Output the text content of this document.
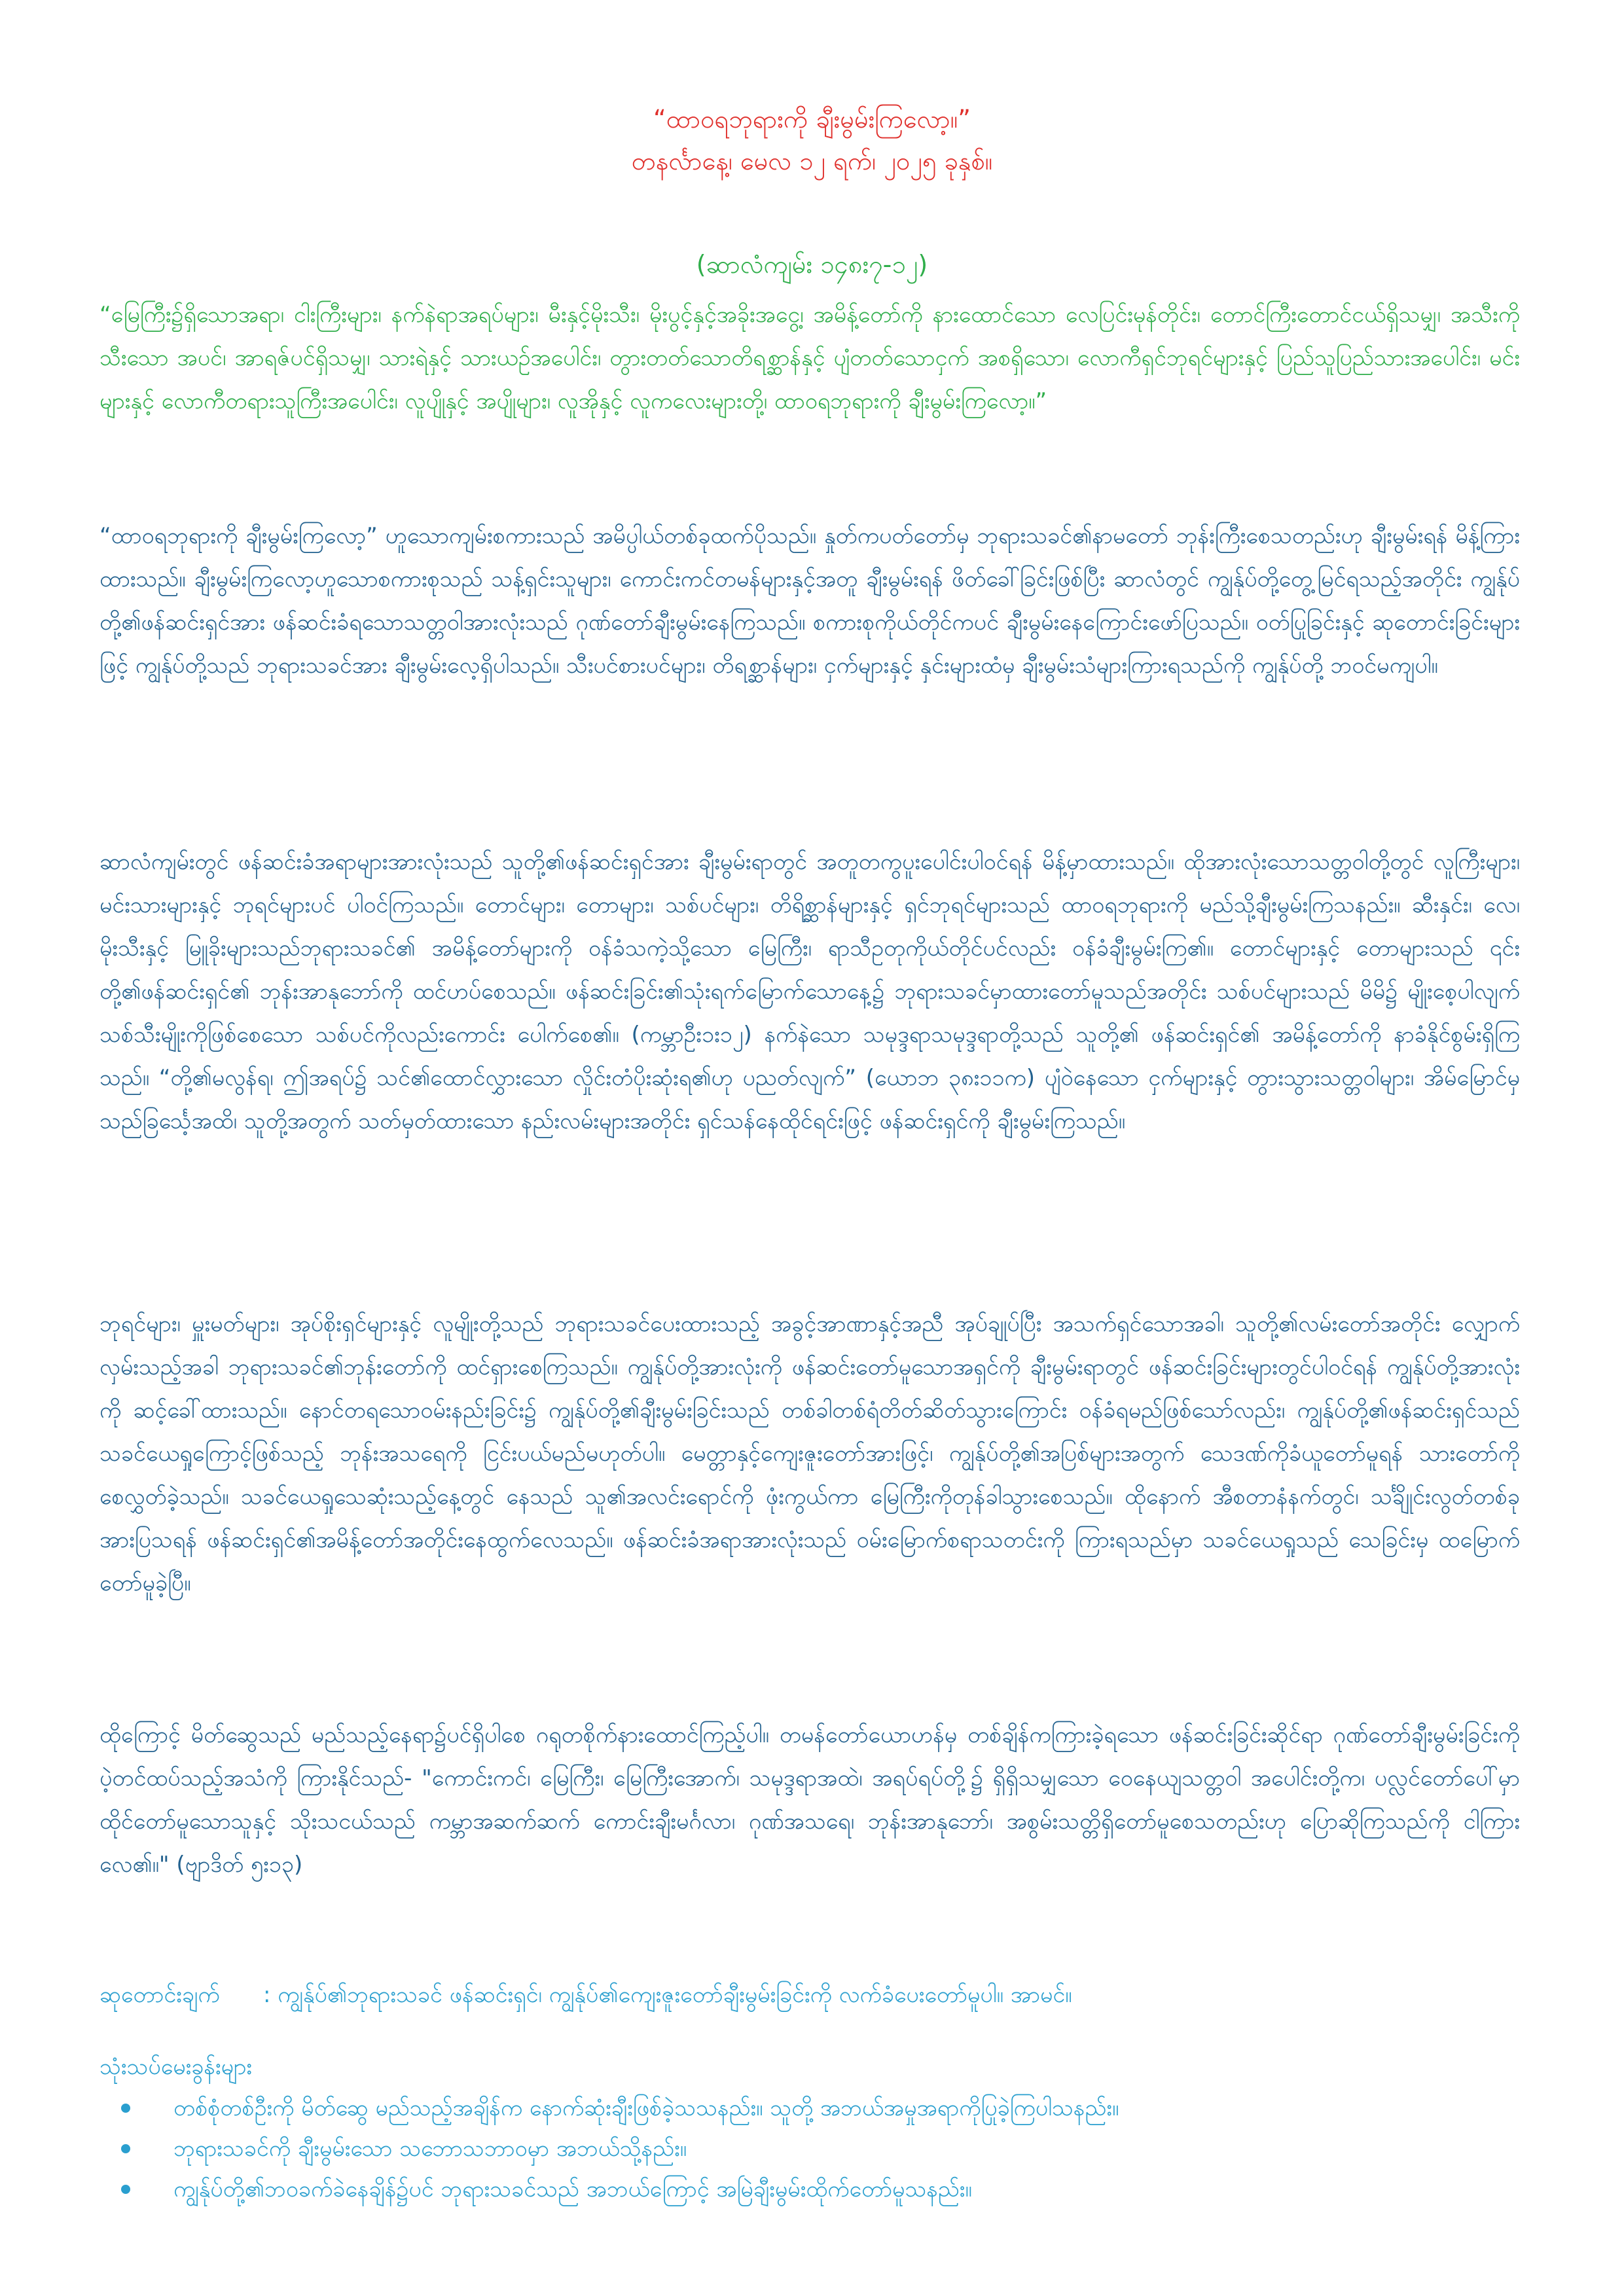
“ထာဝရဘုရားကို ချီးမွမ်းကြလော့။”
တနင်္လာနေ့၊ မေလ ၁၂ ရက်၊ ၂၀၂၅ ခုနှစ်။
(ဆာလံကျမ်း ၁၄၈း၇-၁၂)
“မြေကြီး၌ရှိသောအရာ၊ ငါးကြီးများ၊ နက်နဲရာအရပ်များ၊ မီးနှင့်မိုးသီး၊ မိုးပွင့်နှင့်အခိုးအငွေ့၊ အမိန့်တော်ကို နားထောင်သော လေပြင်းမုန်တိုင်း၊ တောင်ကြီးတောင်ငယ်ရှိသမျှ၊ အသီးကိုသီးသော အပင်၊ အာရဇ်ပင်ရှိသမျှ၊ သားရဲနှင့် သားယဉ်အပေါင်း၊ တွားတတ်သောတိရစ္ဆာန်နှင့် ပျံတတ်သောငှက် အစရှိသော၊ လောကီရှင်ဘုရင်များနှင့် ပြည်သူပြည်သားအပေါင်း၊ မင်းများနှင့် လောကီတရားသူကြီးအပေါင်း၊ လူပျိုနှင့် အပျိုများ၊ လူအိုနှင့် လူကလေးများတို့၊ ထာဝရဘုရားကို ချီးမွမ်းကြလော့။”
“ထာဝရဘုရားကို ချီးမွမ်းကြလော့” ဟူသောကျမ်းစကားသည် အမိပ္ပါယ်တစ်ခုထက်ပိုသည်။ နှုတ်ကပတ်တော်မှ ဘုရားသခင်၏နာမတော် ဘုန်းကြီးစေသတည်းဟု ချီးမွမ်းရန် မိန့်ကြားထားသည်။ ချီးမွမ်းကြလော့ဟူသောစကားစုသည် သန့်ရှင်းသူများ၊ ကောင်းကင်တမန်များနှင့်အတူ ချီးမွမ်းရန် ဖိတ်ခေါ်ခြင်းဖြစ်ပြီး ဆာလံတွင် ကျွန်ုပ်တို့တွေ့မြင်ရသည့်အတိုင်း ကျွန်ုပ်တို့၏ဖန်ဆင်းရှင်အား ဖန်ဆင်းခံရသောသတ္တဝါအားလုံးသည် ဂုဏ်တော်ချီးမွမ်းနေကြသည်။ စကားစုကိုယ်တိုင်ကပင် ချီးမွမ်းနေကြောင်းဖော်ပြသည်။ ဝတ်ပြုခြင်းနှင့် ဆုတောင်းခြင်းများဖြင့် ကျွန်ုပ်တို့သည် ဘုရားသခင်အား ချီးမွမ်းလေ့ရှိပါသည်။ သီးပင်စားပင်များ၊ တိရစ္ဆာန်များ၊ ငှက်များနှင့် နှင်းများထံမှ ချီးမွမ်းသံများကြားရသည်ကို ကျွန်ုပ်တို့ ဘဝင်မကျပါ။
ဆာလံကျမ်းတွင် ဖန်ဆင်းခံအရာများအားလုံးသည် သူတို့၏ဖန်ဆင်းရှင်အား ချီးမွမ်းရာတွင် အတူတကွပူးပေါင်းပါဝင်ရန် မိန့်မှာထားသည်။ ထိုအားလုံးသောသတ္တဝါတို့တွင် လူကြီးများ၊ မင်းသားများနှင့် ဘုရင်များပင် ပါဝင်ကြသည်။ တောင်များ၊ တောများ၊ သစ်ပင်များ၊ တိရိစ္ဆာန်များနှင့် ရှင်ဘုရင်များသည် ထာဝရဘုရားကို မည်သို့ချီးမွမ်းကြသနည်း။ ဆီးနှင်း၊ လေ၊ မိုးသီးနှင့် မြူခိုးများသည်ဘုရားသခင်၏ အမိန့်တော်များကို ဝန်ခံသကဲ့သို့သော မြေကြီး၊ ရာသီဥတုကိုယ်တိုင်ပင်လည်း ဝန်ခံချီးမွမ်းကြ၏။ တောင်များနှင့် တောများသည် ၎င်းတို့၏ဖန်ဆင်းရှင်၏ ဘုန်းအာနုဘော်ကို ထင်ဟပ်စေသည်။ ဖန်ဆင်းခြင်း၏သုံးရက်မြောက်သောနေ့၌ ဘုရားသခင်မှာထားတော်မူသည်အတိုင်း သစ်ပင်များသည် မိမိ၌ မျိုးစေ့ပါလျက် သစ်သီးမျိုးကိုဖြစ်စေသော သစ်ပင်ကိုလည်းကောင်း ပေါက်စေ၏။ (ကမ္ဘာဦး၁း၁၂) နက်နဲသော သမုဒ္ဒရာသမုဒ္ဒရာတို့သည် သူတို့၏ ဖန်ဆင်းရှင်၏ အမိန့်တော်ကို နာခံနိုင်စွမ်းရှိကြသည်။ “တို့၏မလွန်ရ၊ ဤအရပ်၌ သင်၏ထောင်လွှားသော လှိုင်းတံပိုးဆုံးရ၏ဟု ပညတ်လျက်” (ယောဘ ၃၈း၁၁က) ပျံဝဲနေသော ငှက်များနှင့် တွားသွားသတ္တဝါများ၊ အိမ်မြောင်မှသည်ခြင်္သေ့အထိ၊ သူတို့အတွက် သတ်မှတ်ထားသော နည်းလမ်းများအတိုင်း ရှင်သန်နေထိုင်ရင်းဖြင့် ဖန်ဆင်းရှင်ကို ချီးမွမ်းကြသည်။
ဘုရင်များ၊ မှူးမတ်များ၊ အုပ်စိုးရှင်များနှင့် လူမျိုးတို့သည် ဘုရားသခင်ပေးထားသည့် အခွင့်အာဏာနှင့်အညီ အုပ်ချုပ်ပြီး အသက်ရှင်သောအခါ၊ သူတို့၏လမ်းတော်အတိုင်း လျှောက်လှမ်းသည့်အခါ ဘုရားသခင်၏ဘုန်းတော်ကို ထင်ရှားစေကြသည်။ ကျွန်ုပ်တို့အားလုံးကို ဖန်ဆင်းတော်မူသောအရှင်ကို ချီးမွမ်းရာတွင် ဖန်ဆင်းခြင်းများတွင်ပါဝင်ရန် ကျွန်ုပ်တို့အားလုံးကို ဆင့်ခေါ်ထားသည်။ နောင်တရသောဝမ်းနည်းခြင်း၌ ကျွန်ုပ်တို့၏ချီးမွမ်းခြင်းသည် တစ်ခါတစ်ရံတိတ်ဆိတ်သွားကြောင်း ဝန်ခံရမည်ဖြစ်သော်လည်း၊ ကျွန်ုပ်တို့၏ဖန်ဆင်းရှင်သည် သခင်ယေရှုကြောင့်ဖြစ်သည့် ဘုန်းအသရေကို ငြင်းပယ်မည်မဟုတ်ပါ။ မေတ္တာနှင့်ကျေးဇူးတော်အားဖြင့်၊ ကျွန်ုပ်တို့၏အပြစ်များအတွက် သေဒဏ်ကိုခံယူတော်မူရန် သားတော်ကို စေလွှတ်ခဲ့သည်။ သခင်ယေရှုသေဆုံးသည့်နေ့တွင် နေသည် သူ၏အလင်းရောင်ကို ဖုံးကွယ်ကာ မြေကြီးကိုတုန်ခါသွားစေသည်။ ထိုနောက် အီစတာနံနက်တွင်၊ သင်္ချိုင်းလွတ်တစ်ခုအားပြသရန် ဖန်ဆင်းရှင်၏အမိန့်တော်အတိုင်းနေထွက်လေသည်။ ဖန်ဆင်းခံအရာအားလုံးသည် ဝမ်းမြောက်စရာသတင်းကို ကြားရသည်မှာ သခင်ယေရှုသည် သေခြင်းမှ ထမြောက်တော်မူခဲ့ပြီ။
ထိုကြောင့် မိတ်ဆွေသည် မည်သည့်နေရာ၌ပင်ရှိပါစေ ဂရုတစိုက်နားထောင်ကြည့်ပါ။ တမန်တော်ယောဟန်မှ တစ်ချိန်ကကြားခဲ့ရသော ဖန်ဆင်းခြင်းဆိုင်ရာ ဂုဏ်တော်ချီးမွမ်းခြင်းကို ပဲ့တင်ထပ်သည့်အသံကို ကြားနိုင်သည်- "ကောင်းကင်၊ မြေကြီး၊ မြေကြီးအောက်၊ သမုဒ္ဒရာအထဲ၊ အရပ်ရပ်တို့၌ ရှိရှိသမျှသော ဝေနေယျသတ္တဝါ အပေါင်းတို့က၊ ပလ္လင်တော်ပေါ်မှာ ထိုင်တော်မူသောသူနှင့် သိုးသငယ်သည် ကမ္ဘာအဆက်ဆက် ကောင်းချီးမင်္ဂလာ၊ ဂုဏ်အသရေ၊ ဘုန်းအာနုဘော်၊ အစွမ်းသတ္တိရှိတော်မူစေသတည်းဟု ပြောဆိုကြသည်ကို ငါကြားလေ၏။" (ဗျာဒိတ် ၅း၁၃)
ဆုတောင်းချက် : ကျွန်ုပ်၏ဘုရားသခင် ဖန်ဆင်းရှင်၊ ကျွန်ုပ်၏ကျေးဇူးတော်ချီးမွမ်းခြင်းကို လက်ခံပေးတော်မူပါ။ အာမင်။
သုံးသပ်မေးခွန်းများ
တစ်စုံတစ်ဦးကို မိတ်ဆွေ မည်သည့်အချိန်က နောက်ဆုံးချီးဖြစ်ခဲ့သသနည်း။ သူတို့ အဘယ်အမှုအရာကိုပြုခဲ့ကြပါသနည်း။
ဘုရားသခင်ကို ချီးမွမ်းသော သဘောသဘာဝမှာ အဘယ်သို့နည်း။
ကျွန်ုပ်တို့၏ဘဝခက်ခဲနေချိန်၌ပင် ဘုရားသခင်သည် အဘယ်ကြောင့် အမြဲချီးမွမ်းထိုက်တော်မူသနည်း။
